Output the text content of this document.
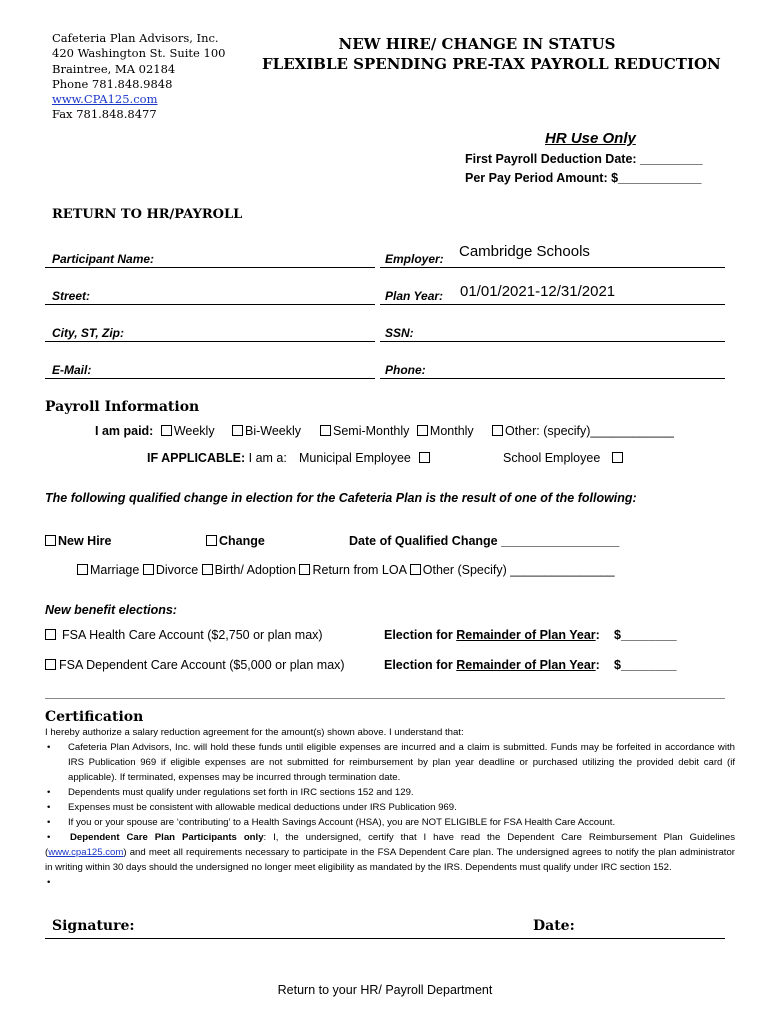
Cafeteria Plan Advisors, Inc.
420 Washington St. Suite 100
Braintree, MA 02184
Phone 781.848.9848
www.CPA125.com
Fax 781.848.8477
NEW HIRE/ CHANGE IN STATUS
FLEXIBLE SPENDING PRE-TAX PAYROLL REDUCTION
HR Use Only
First Payroll Deduction Date: _________
Per Pay Period Amount: $____________
RETURN TO HR/PAYROLL
Participant Name:	Employer: Cambridge Schools
Street:	Plan Year: 01/01/2021-12/31/2021
City, ST, Zip:	SSN:
E-Mail:	Phone:
Payroll Information
I am paid: Weekly	Bi-Weekly	Semi-Monthly Monthly	Other: (specify)____________
IF APPLICABLE: I am a: Municipal Employee	School Employee
The following qualified change in election for the Cafeteria Plan is the result of one of the following:
New Hire	Change	Date of Qualified Change _________________
Marriage Divorce Birth/ Adoption Return from LOA Other (Specify) _______________
New benefit elections:
FSA Health Care Account ($2,750 or plan max)	Election for Remainder of Plan Year: $________
FSA Dependent Care Account ($5,000 or plan max)	Election for Remainder of Plan Year: $________
Certification

I hereby authorize a salary reduction agreement for the amount(s) shown above. I understand that:

• Cafeteria Plan Advisors, Inc. will hold these funds until eligible expenses are incurred and a claim is submitted. Funds may be forfeited in accordance with IRS Publication 969 if eligible expenses are not submitted for reimbursement by plan year deadline or purchased utilizing the provided debit card (if applicable). If terminated, expenses may be incurred through termination date.

• Dependents must qualify under regulations set forth in IRC sections 152 and 129.

• Expenses must be consistent with allowable medical deductions under IRS Publication 969.

• If you or your spouse are ‘contributing’ to a Health Savings Account (HSA), you are NOT ELIGIBLE for FSA Health Care Account.

• Dependent Care Plan Participants only: I, the undersigned, certify that I have read the Dependent Care Reimbursement Plan Guidelines (www.cpa125.com) and meet all requirements necessary to participate in the FSA Dependent Care plan. The undersigned agrees to notify the plan administrator in writing within 30 days should the undersigned no longer meet eligibility as mandated by the IRS. Dependents must qualify under IRC section 152.

•

Signature:	Date:
Return to your HR/ Payroll Department
